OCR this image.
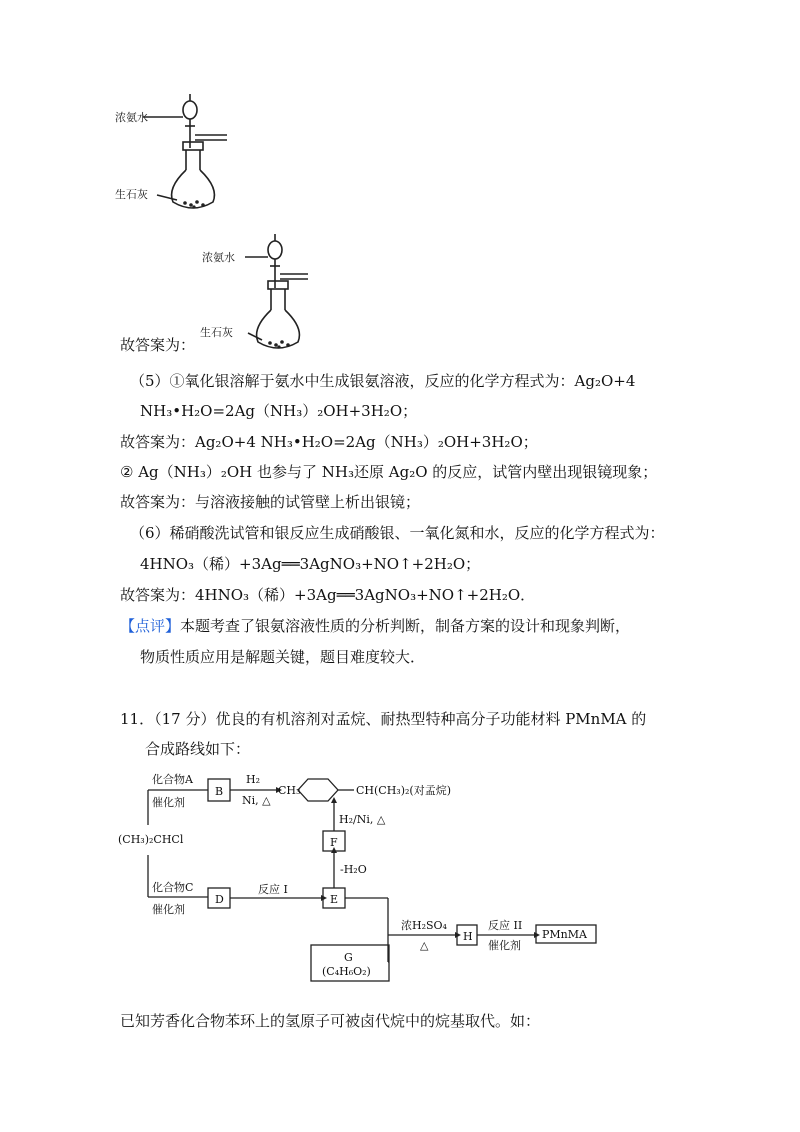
浓氨水
生石灰
浓氨水
生石灰
故答案为：
（5）①氧化银溶解于氨水中生成银氨溶液，反应的化学方程式为：Ag₂O+4
NH₃•H₂O=2Ag（NH₃）₂OH+3H₂O；
故答案为：Ag₂O+4 NH₃•H₂O=2Ag（NH₃）₂OH+3H₂O；
② Ag（NH₃）₂OH 也参与了 NH₃还原 Ag₂O 的反应，试管内壁出现银镜现象；
故答案为：与溶液接触的试管壁上析出银镜；
（6）稀硝酸洗试管和银反应生成硝酸银、一氧化氮和水，反应的化学方程式为：
4HNO₃（稀）+3Ag══3AgNO₃+NO↑+2H₂O；
故答案为：4HNO₃（稀）+3Ag══3AgNO₃+NO↑+2H₂O．
【点评】本题考查了银氨溶液性质的分析判断，制备方案的设计和现象判断，
物质性质应用是解题关键，题目难度较大．
11．（17 分）优良的有机溶剂对孟烷、耐热型特种高分子功能材料 PMnMA 的
合成路线如下：
化合物A
催化剂
(CH₃)₂CHCl
化合物C
催化剂
B
D	E
F
H
H₂
Ni, △
CH₃	CH(CH₃)₂(对孟烷)
H₂/Ni, △
-H₂O
反应 I
G
(C₄H₆O₂)
浓H₂SO₄
△
反应 II
催化剂
PMnMA
已知芳香化合物苯环上的氢原子可被卤代烷中的烷基取代。如：
